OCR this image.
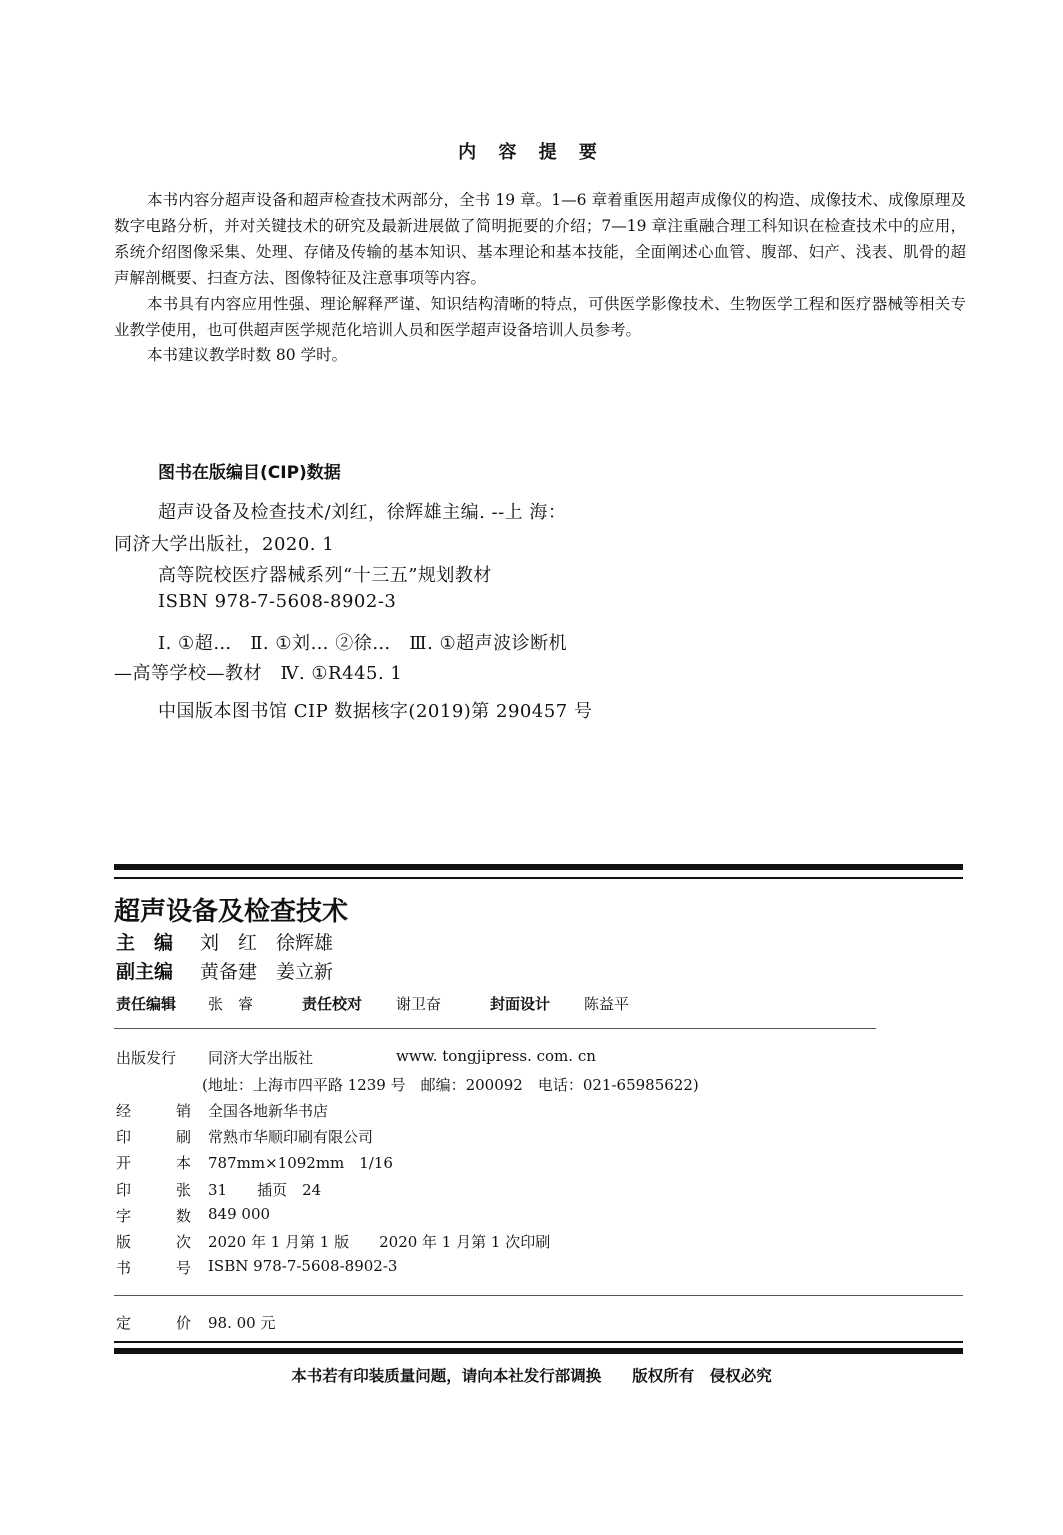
内 容 提 要
本书内容分超声设备和超声检查技术两部分，全书 19 章。1—6 章着重医用超声成像仪的构造、成像技术、成像原理及数字电路分析，并对关键技术的研究及最新进展做了简明扼要的介绍；7—19 章注重融合理工科知识在检查技术中的应用，系统介绍图像采集、处理、存储及传输的基本知识、基本理论和基本技能，全面阐述心血管、腹部、妇产、浅表、肌骨的超声解剖概要、扫查方法、图像特征及注意事项等内容。
本书具有内容应用性强、理论解释严谨、知识结构清晰的特点，可供医学影像技术、生物医学工程和医疗器械等相关专业教学使用，也可供超声医学规范化培训人员和医学超声设备培训人员参考。
本书建议教学时数 80 学时。
图书在版编目(CIP)数据
超声设备及检查技术/刘红，徐辉雄主编. --上 海：
同济大学出版社，2020. 1
高等院校医疗器械系列“十三五”规划教材
ISBN 978-7-5608-8902-3
Ⅰ. ①超…　Ⅱ. ①刘… ②徐…　Ⅲ. ①超声波诊断机
—高等学校—教材　Ⅳ. ①R445. 1
中国版本图书馆 CIP 数据核字(2019)第 290457 号
超声设备及检查技术
主　编 刘　红　徐辉雄
副主编 黄备建　姜立新
责任编辑 张　睿	责任校对 谢卫奋	封面设计 陈益平
出版发行 同济大学出版社	www. tongjipress. com. cn
(地址：上海市四平路 1239 号　邮编：200092　电话：021-65985622)
经	销 全国各地新华书店
印	刷 常熟市华顺印刷有限公司
开	本 787mm×1092mm　1/16
印	张 31　　插页　24
字	数 849 000
版	次 2020 年 1 月第 1 版　　2020 年 1 月第 1 次印刷
书	号 ISBN 978-7-5608-8902-3
定	价 98. 00 元
本书若有印装质量问题，请向本社发行部调换　　版权所有　侵权必究
